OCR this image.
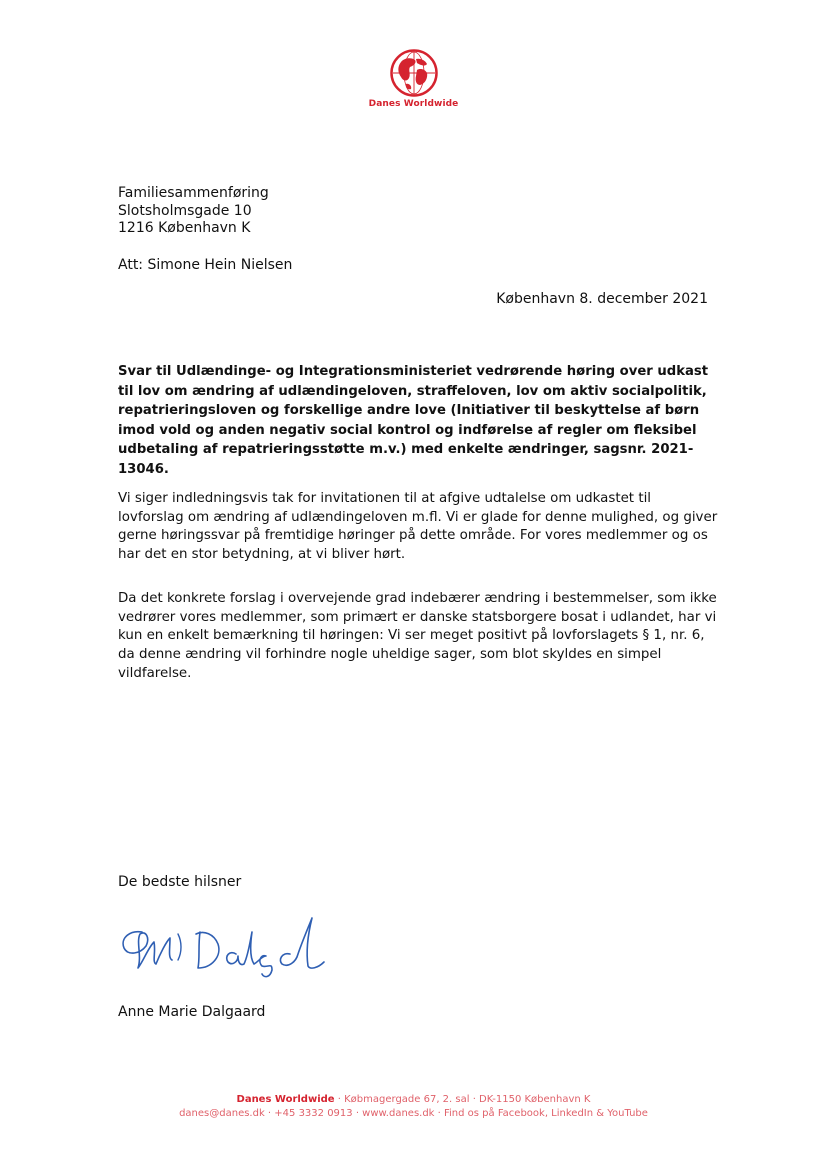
Danes Worldwide
Familiesammenføring
Slotsholmsgade 10
1216 København K
Att: Simone Hein Nielsen
København 8. december 2021
Svar til Udlændinge- og Integrationsministeriet vedrørende høring over udkast til lov om ændring af udlændingeloven, straffeloven, lov om aktiv socialpolitik, repatrieringsloven og forskellige andre love (Initiativer til beskyttelse af børn imod vold og anden negativ social kontrol og indførelse af regler om fleksibel udbetaling af repatrieringsstøtte m.v.) med enkelte ændringer, sagsnr. 2021-13046.
Vi siger indledningsvis tak for invitationen til at afgive udtalelse om udkastet til lovforslag om ændring af udlændingeloven m.fl. Vi er glade for denne mulighed, og giver gerne høringssvar på fremtidige høringer på dette område. For vores medlemmer og os har det en stor betydning, at vi bliver hørt.
Da det konkrete forslag i overvejende grad indebærer ændring i bestemmelser, som ikke vedrører vores medlemmer, som primært er danske statsborgere bosat i udlandet, har vi kun en enkelt bemærkning til høringen: Vi ser meget positivt på lovforslagets § 1, nr. 6, da denne ændring vil forhindre nogle uheldige sager, som blot skyldes en simpel vildfarelse.
De bedste hilsner
Anne Marie Dalgaard
Danes Worldwide · Købmagergade 67, 2. sal · DK-1150 København K
danes@danes.dk · +45 3332 0913 · www.danes.dk · Find os på Facebook, LinkedIn & YouTube
